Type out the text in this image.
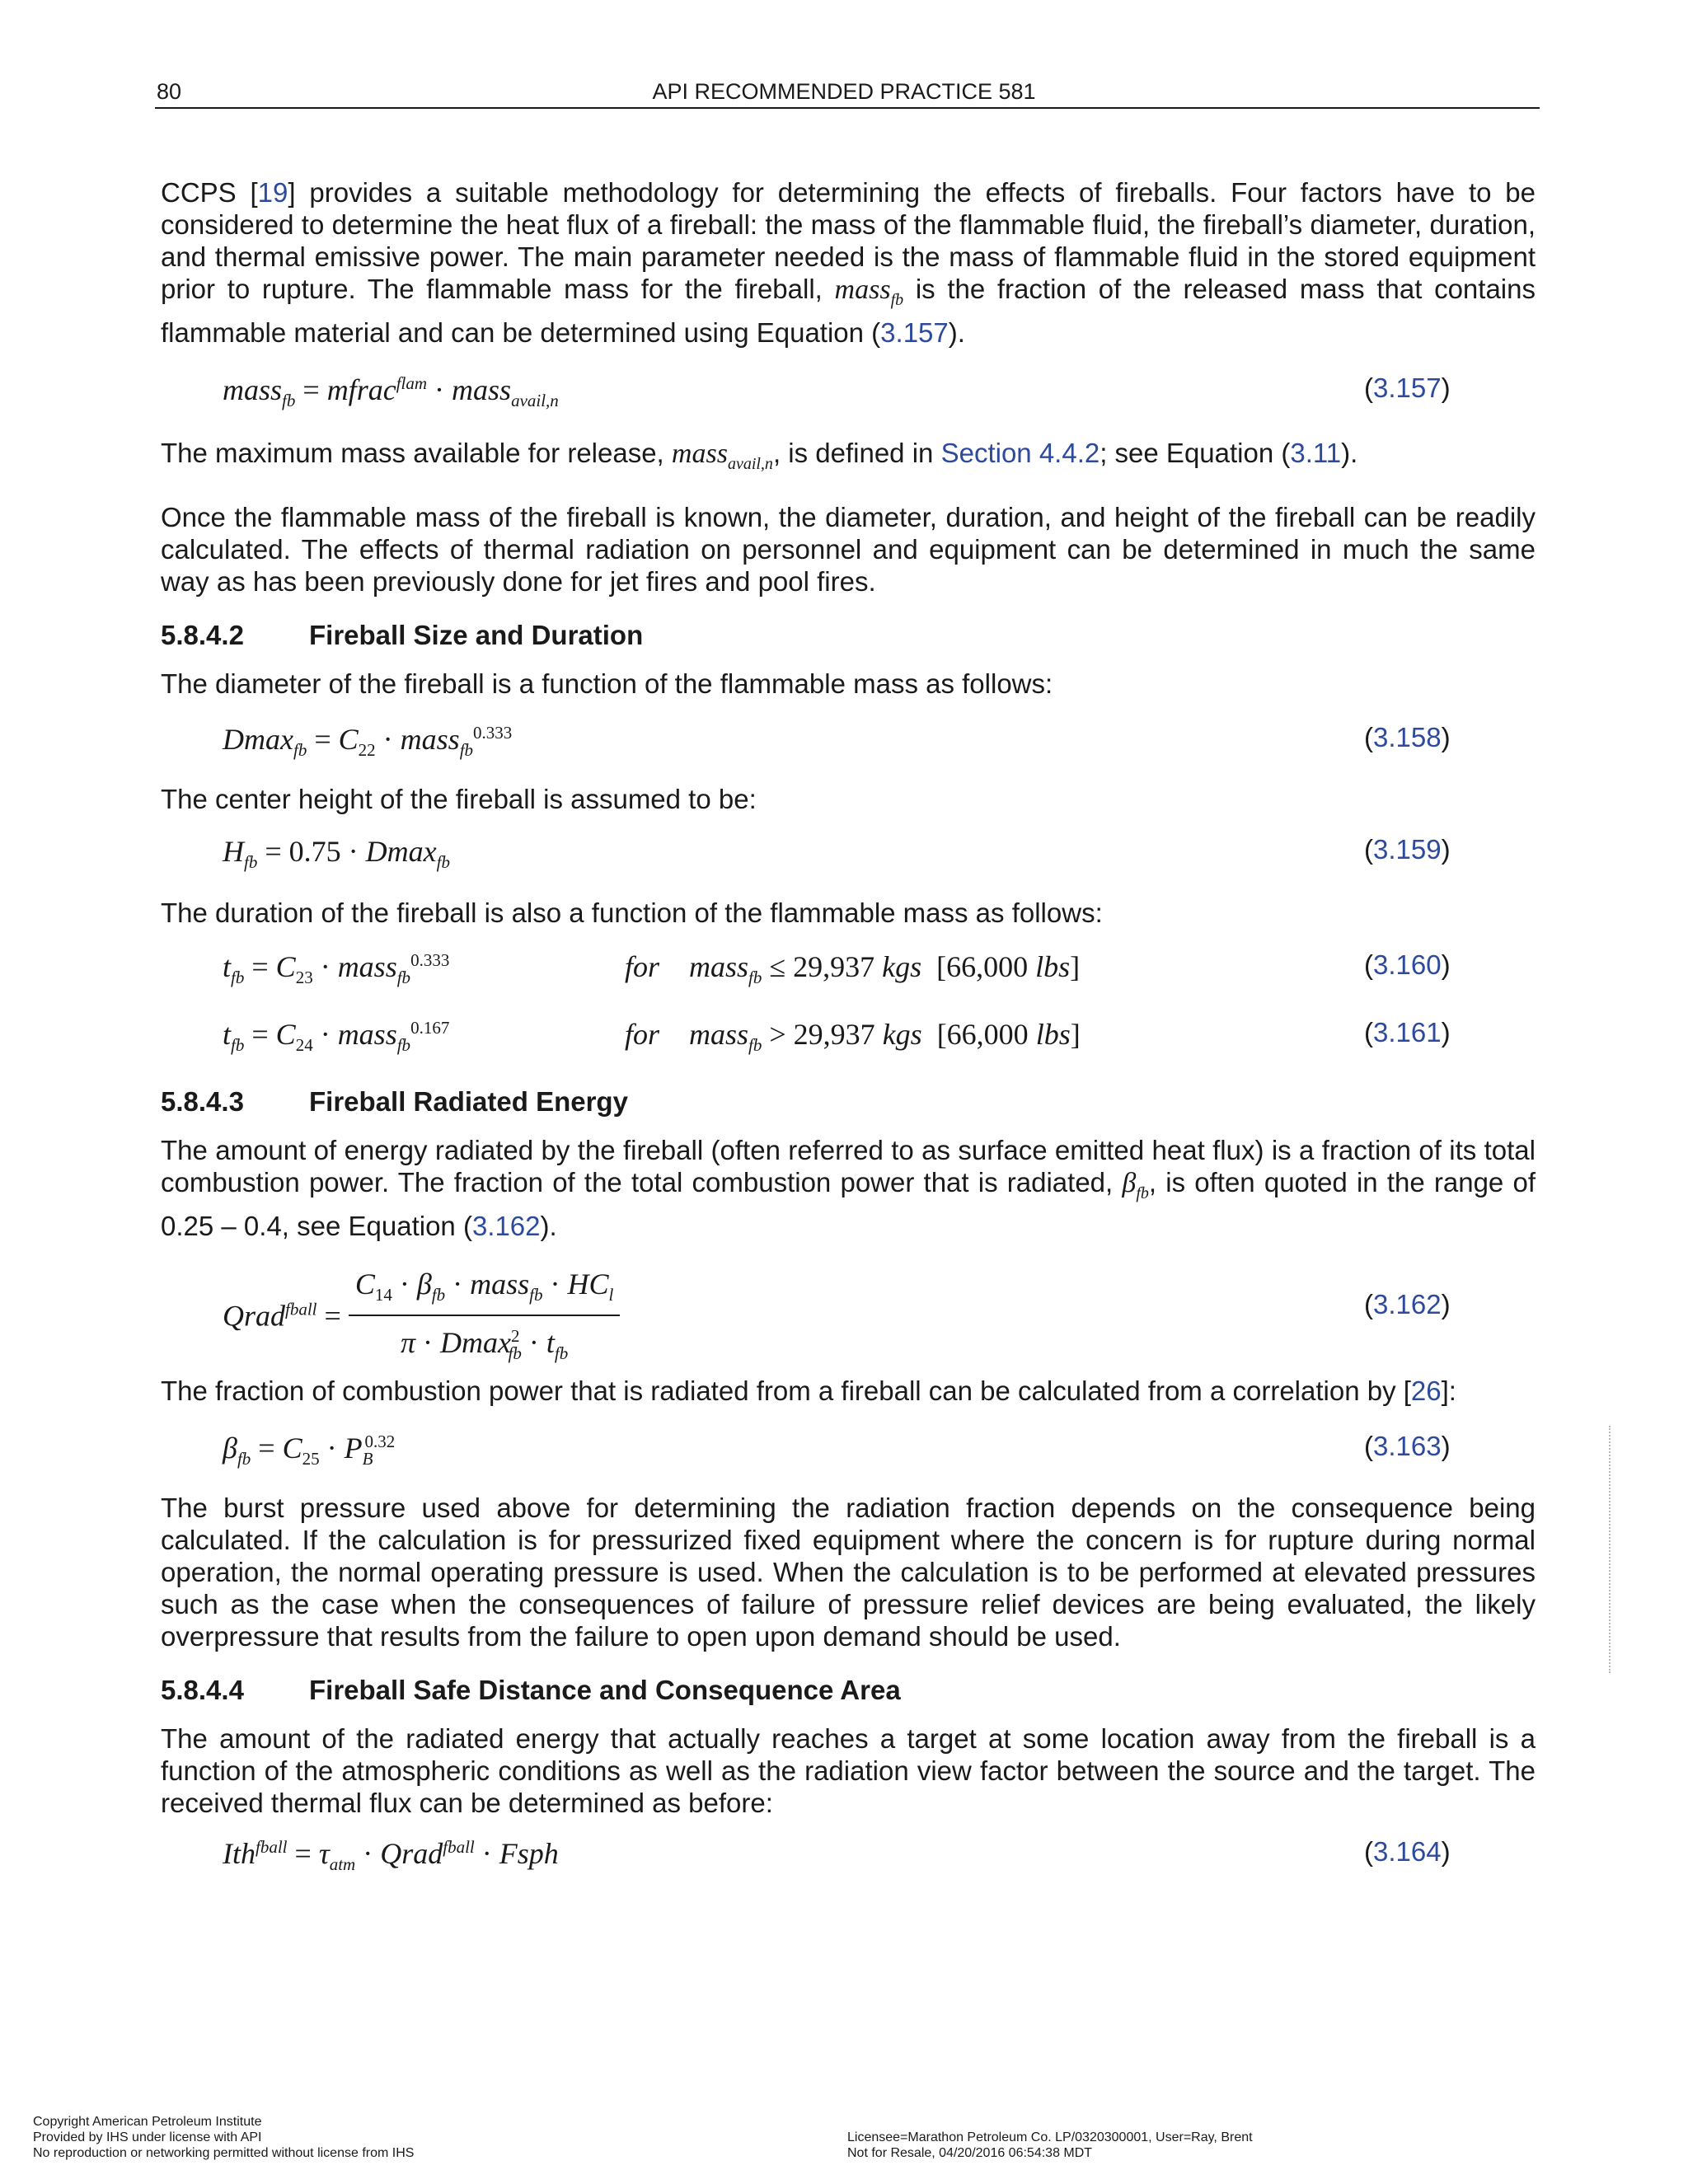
80	API RECOMMENDED PRACTICE 581
CCPS [19] provides a suitable methodology for determining the effects of fireballs. Four factors have to be considered to determine the heat flux of a fireball: the mass of the flammable fluid, the fireball’s diameter, duration, and thermal emissive power. The main parameter needed is the mass of flammable fluid in the stored equipment prior to rupture. The flammable mass for the fireball, mass$_{fb}$ is the fraction of the released mass that contains flammable material and can be determined using Equation (3.157).
mass$_{fb}$ = mfrac$^{flam}$ · mass$_{avail,n}$	(3.157)
The maximum mass available for release, mass$_{avail,n}$, is defined in Section 4.4.2; see Equation (3.11).
Once the flammable mass of the fireball is known, the diameter, duration, and height of the fireball can be readily calculated. The effects of thermal radiation on personnel and equipment can be determined in much the same way as has been previously done for jet fires and pool fires.
5.8.4.2 Fireball Size and Duration
The diameter of the fireball is a function of the flammable mass as follows:
$Dmax_{fb} = C_{22}$ · mass$_{fb}^{0.333}$	(3.158)
The center height of the fireball is assumed to be:
$H_{fb} = 0.75 \cdot Dmax_{fb}$	(3.159)
The duration of the fireball is also a function of the flammable mass as follows:
$t_{fb} = C_{23}$ · mass$_{fb}^{0.333}$	for    mass$_{fb}$ ≤ 29,937 kgs  [66,000 lbs]	(3.160)
$t_{fb} = C_{24}$ · mass$_{fb}^{0.167}$	for    mass$_{fb}$ > 29,937 kgs  [66,000 lbs]	(3.161)
5.8.4.3 Fireball Radiated Energy
The amount of energy radiated by the fireball (often referred to as surface emitted heat flux) is a fraction of its total combustion power. The fraction of the total combustion power that is radiated, $\beta_{fb}$, is often quoted in the range of 0.25 – 0.4, see Equation (3.162).
Qrad$^{fball}$ = $\frac{C_{14} \cdot \beta_{fb} \cdot mass_{fb} \cdot HC_l}{\pi \cdot Dmax^2_{fb} \cdot t_{fb}}$	(3.162)
The fraction of combustion power that is radiated from a fireball can be calculated from a correlation by [26]:
$\beta_{fb} = C_{25} \cdot P_B^{0.32}$	(3.163)
The burst pressure used above for determining the radiation fraction depends on the consequence being calculated. If the calculation is for pressurized fixed equipment where the concern is for rupture during normal operation, the normal operating pressure is used. When the calculation is to be performed at elevated pressures such as the case when the consequences of failure of pressure relief devices are being evaluated, the likely overpressure that results from the failure to open upon demand should be used.
5.8.4.4 Fireball Safe Distance and Consequence Area
The amount of the radiated energy that actually reaches a target at some location away from the fireball is a function of the atmospheric conditions as well as the radiation view factor between the source and the target. The received thermal flux can be determined as before:
$Ith^{fball} = \tau_{atm}$ · Qrad$^{fball}$ · Fsph	(3.164)
Copyright American Petroleum Institute
Provided by IHS under license with API
No reproduction or networking permitted without license from IHS
Licensee=Marathon Petroleum Co. LP/0320300001, User=Ray, Brent
Not for Resale, 04/20/2016 06:54:38 MDT
